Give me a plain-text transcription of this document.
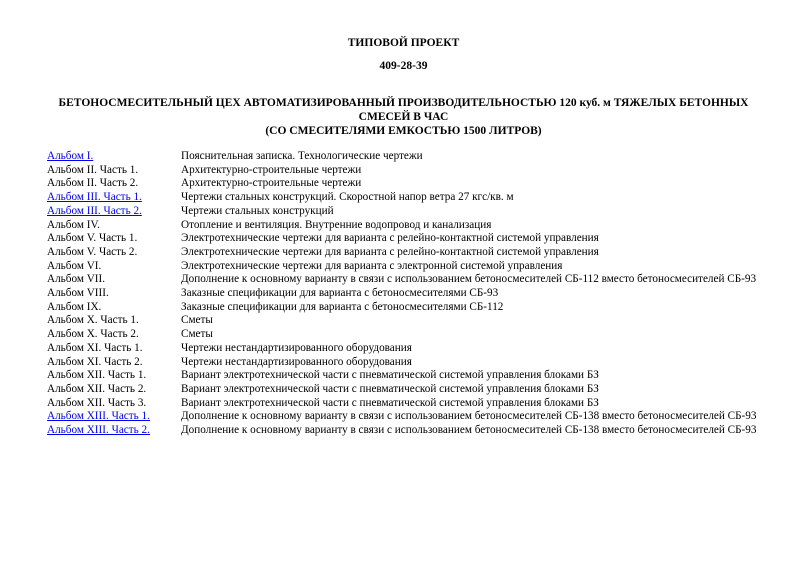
ТИПОВОЙ ПРОЕКТ
409-28-39
БЕТОНОСМЕСИТЕЛЬНЫЙ ЦЕХ АВТОМАТИЗИРОВАННЫЙ ПРОИЗВОДИТЕЛЬНОСТЬЮ 120 куб. м ТЯЖЕЛЫХ БЕТОННЫХ СМЕСЕЙ В ЧАС
(СО СМЕСИТЕЛЯМИ ЕМКОСТЬЮ 1500 ЛИТРОВ)
Альбом I.	Пояснительная записка. Технологические чертежи
Альбом II. Часть 1.	Архитектурно-строительные чертежи
Альбом II. Часть 2.	Архитектурно-строительные чертежи
Альбом III. Часть 1.	Чертежи стальных конструкций. Скоростной напор ветра 27 кгс/кв. м
Альбом III. Часть 2.	Чертежи стальных конструкций
Альбом IV.	Отопление и вентиляция. Внутренние водопровод и канализация
Альбом V. Часть 1.	Электротехнические чертежи для варианта с релейно-контактной системой управления
Альбом V. Часть 2.	Электротехнические чертежи для варианта с релейно-контактной системой управления
Альбом VI.	Электротехнические чертежи для варианта с электронной системой управления
Альбом VII.	Дополнение к основному варианту в связи с использованием бетоносмесителей СБ-112 вместо бетоносмесителей СБ-93
Альбом VIII.	Заказные спецификации для варианта с бетоносмесителями СБ-93
Альбом IX.	Заказные спецификации для варианта с бетоносмесителями СБ-112
Альбом X. Часть 1.	Сметы
Альбом X. Часть 2.	Сметы
Альбом XI. Часть 1.	Чертежи нестандартизированного оборудования
Альбом XI. Часть 2.	Чертежи нестандартизированного оборудования
Альбом XII. Часть 1.	Вариант электротехнической части с пневматической системой управления блоками БЗ
Альбом XII. Часть 2.	Вариант электротехнической части с пневматической системой управления блоками БЗ
Альбом XII. Часть 3.	Вариант электротехнической части с пневматической системой управления блоками БЗ
Альбом XIII. Часть 1.	Дополнение к основному варианту в связи с использованием бетоносмесителей СБ-138 вместо бетоносмесителей СБ-93
Альбом XIII. Часть 2.	Дополнение к основному варианту в связи с использованием бетоносмесителей СБ-138 вместо бетоносмесителей СБ-93
